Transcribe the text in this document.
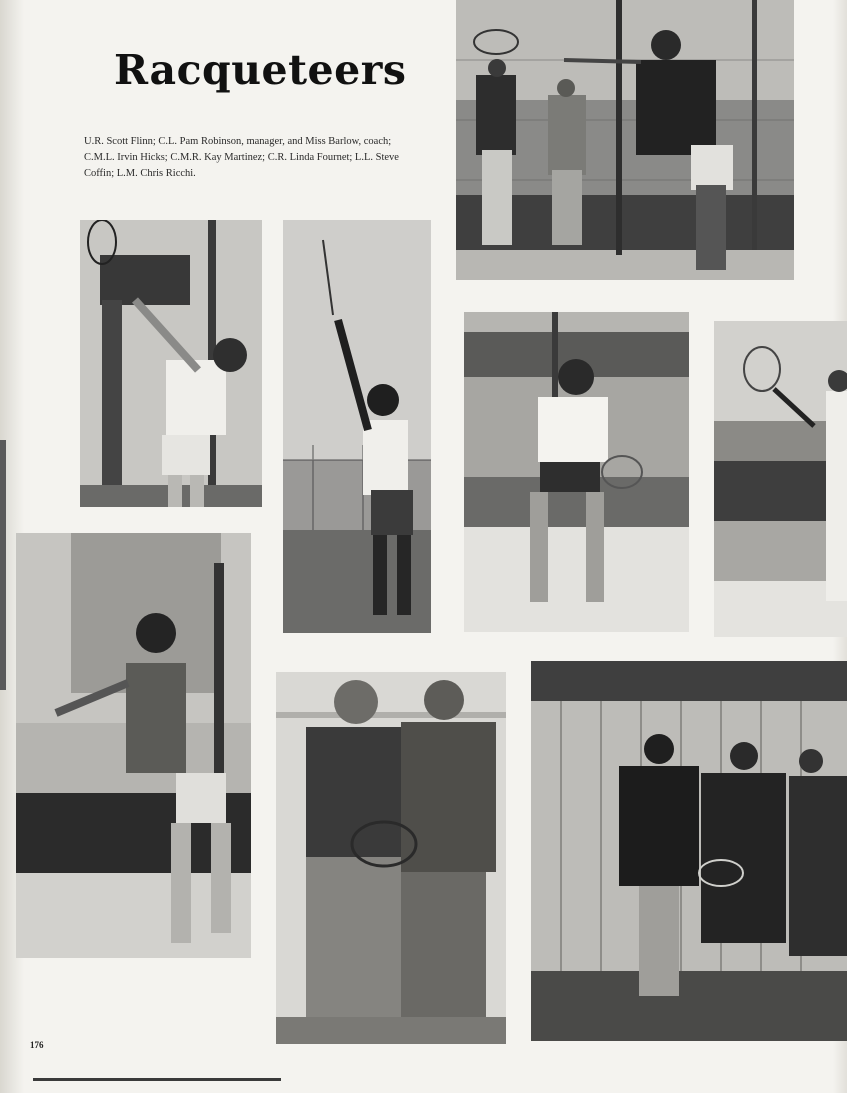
Racqueteers

U.R. Scott Flinn; C.L. Pam Robinson, manager, and Miss Barlow, coach; C.M.L. Irvin Hicks; C.M.R. Kay Martinez; C.R. Linda Fournet; L.L. Steve Coffin; L.M. Chris Ricchi.

176
